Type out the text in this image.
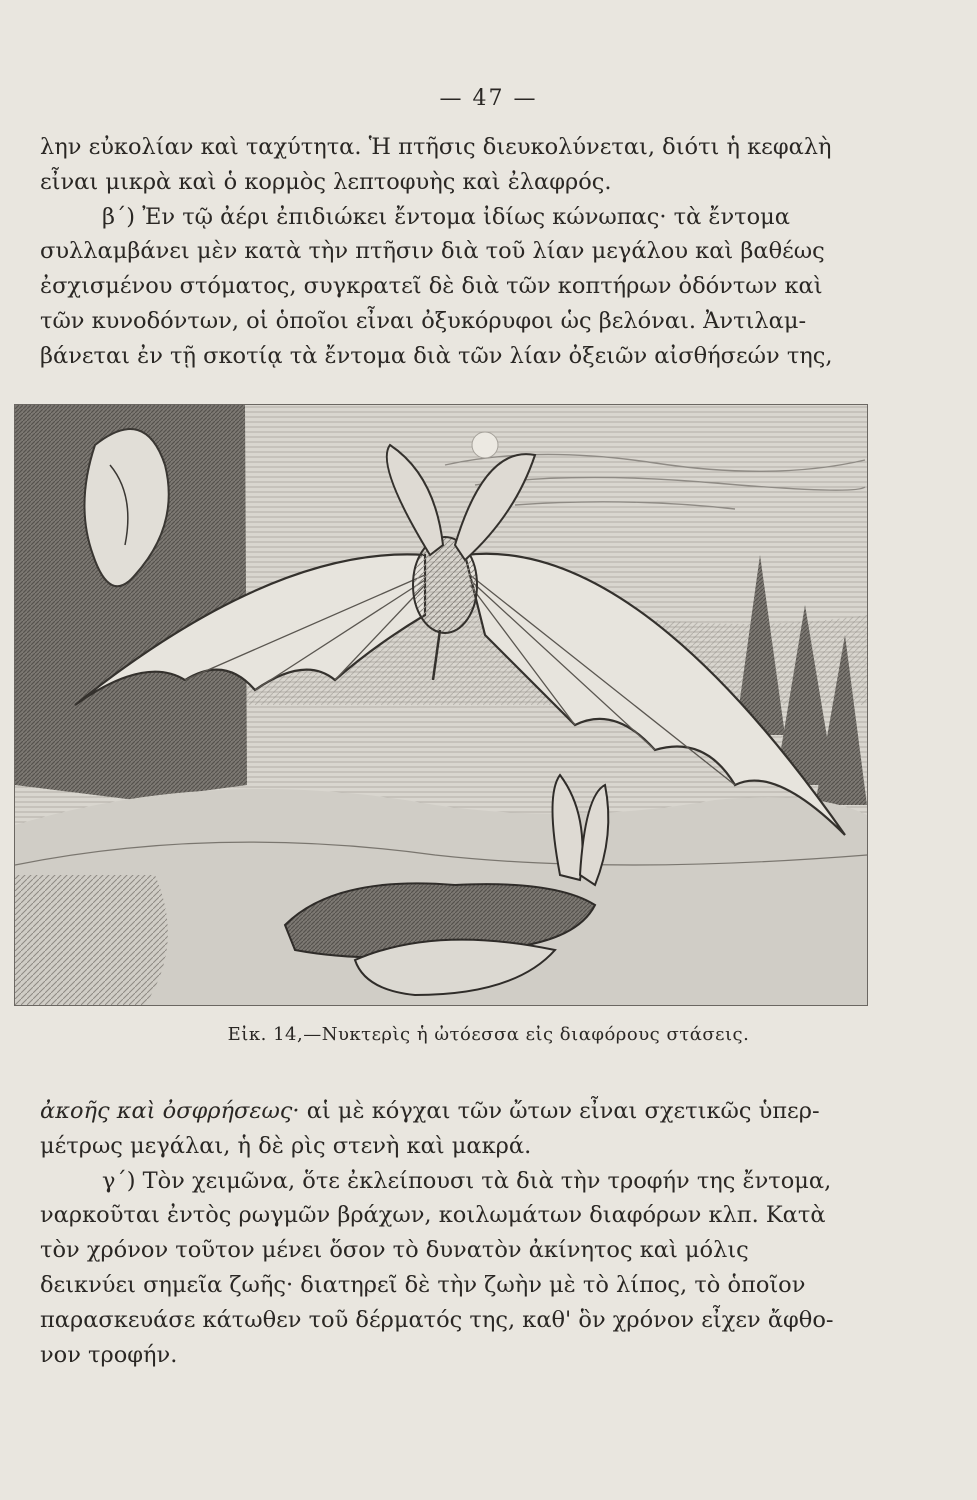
— 47 —
λην εὐκολίαν καὶ ταχύτητα. Ἡ πτῆσις διευκολύνεται, διότι ἡ κεφαλὴ
εἶναι μικρὰ καὶ ὁ κορμὸς λεπτοφυὴς καὶ ἐλαφρός.
β΄) Ἐν τῷ ἀέρι ἐπιδιώκει ἔντομα ἰδίως κώνωπας· τὰ ἔντομα
συλλαμβάνει μὲν κατὰ τὴν πτῆσιν διὰ τοῦ λίαν μεγάλου καὶ βαθέως
ἐσχισμένου στόματος, συγκρατεῖ δὲ διὰ τῶν κοπτήρων ὀδόντων καὶ
τῶν κυνοδόντων, οἱ ὁποῖοι εἶναι ὀξυκόρυφοι ὡς βελόναι. Ἀντιλαμ-
βάνεται ἐν τῇ σκοτίᾳ τὰ ἔντομα διὰ τῶν λίαν ὀξειῶν αἰσθήσεών της,
Εἰκ. 14,—Νυκτερὶς ἡ ὠτόεσσα εἰς διαφόρους στάσεις.
ἀκοῆς καὶ ὀσφρήσεως· αἱ μὲ κόγχαι τῶν ὤτων εἶναι σχετικῶς ὑπερ-
μέτρως μεγάλαι, ἡ δὲ ρὶς στενὴ καὶ μακρά.
γ΄) Τὸν χειμῶνα, ὅτε ἐκλείπουσι τὰ διὰ τὴν τροφήν της ἔντομα,
ναρκοῦται ἐντὸς ρωγμῶν βράχων, κοιλωμάτων διαφόρων κλπ. Κατὰ
τὸν χρόνον τοῦτον μένει ὅσον τὸ δυνατὸν ἀκίνητος καὶ μόλις
δεικνύει σημεῖα ζωῆς· διατηρεῖ δὲ τὴν ζωὴν μὲ τὸ λίπος, τὸ ὁποῖον
παρασκευάσε κάτωθεν τοῦ δέρματός της, καθ' ὃν χρόνον εἶχεν ἄφθο-
νον τροφήν.
